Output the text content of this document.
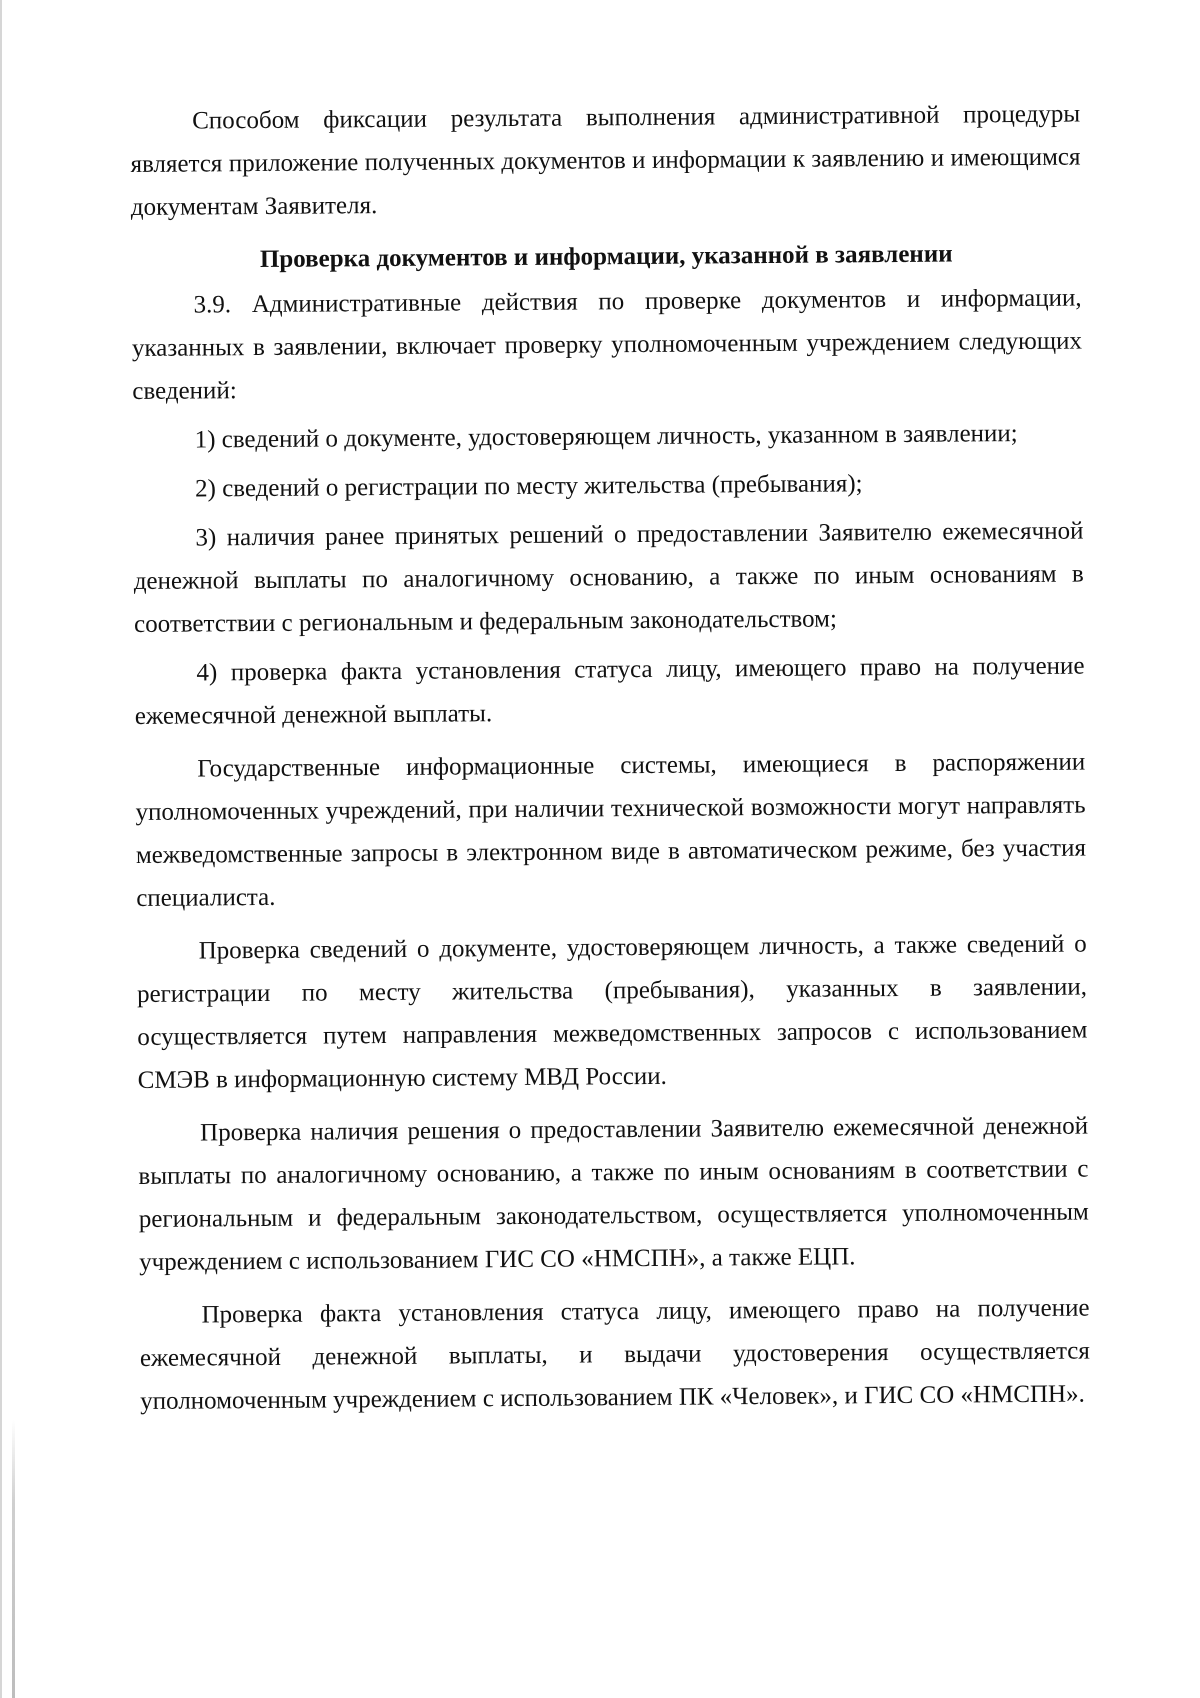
Способом фиксации результата выполнения административной процедуры является приложение полученных документов и информации к заявлению и имеющимся документам Заявителя.

Проверка документов и информации, указанной в заявлении

3.9. Административные действия по проверке документов и информации, указанных в заявлении, включает проверку уполномоченным учреждением следующих сведений:

1) сведений о документе, удостоверяющем личность, указанном в заявлении;

2) сведений о регистрации по месту жительства (пребывания);

3) наличия ранее принятых решений о предоставлении Заявителю ежемесячной денежной выплаты по аналогичному основанию, а также по иным основаниям в соответствии с региональным и федеральным законодательством;

4) проверка факта установления статуса лицу, имеющего право на получение ежемесячной денежной выплаты.

Государственные информационные системы, имеющиеся в распоряжении уполномоченных учреждений, при наличии технической возможности могут направлять межведомственные запросы в электронном виде в автоматическом режиме, без участия специалиста.

Проверка сведений о документе, удостоверяющем личность, а также сведений о регистрации по месту жительства (пребывания), указанных в заявлении, осуществляется путем направления межведомственных запросов с использованием СМЭВ в информационную систему МВД России.

Проверка наличия решения о предоставлении Заявителю ежемесячной денежной выплаты по аналогичному основанию, а также по иным основаниям в соответствии с региональным и федеральным законодательством, осуществляется уполномоченным учреждением с использованием ГИС СО «НМСПН», а также ЕЦП.

Проверка факта установления статуса лицу, имеющего право на получение ежемесячной денежной выплаты, и выдачи удостоверения осуществляется уполномоченным учреждением с использованием ПК «Человек», и ГИС СО «НМСПН».
